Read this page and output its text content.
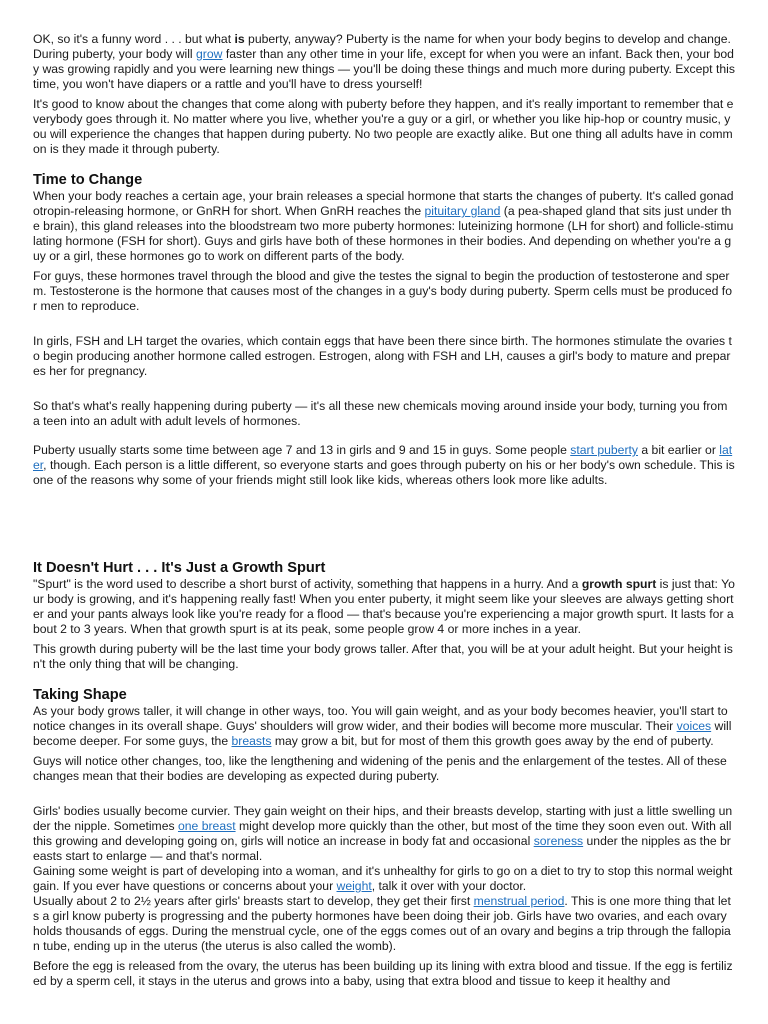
OK, so it's a funny word . . . but what is puberty, anyway? Puberty is the name for when your body begins to develop and change.

During puberty, your body will grow faster than any other time in your life, except for when you were an infant. Back then, your body was growing rapidly and you were learning new things — you'll be doing these things and much more during puberty. Except this time, you won't have diapers or a rattle and you'll have to dress yourself!

It's good to know about the changes that come along with puberty before they happen, and it's really important to remember that everybody goes through it. No matter where you live, whether you're a guy or a girl, or whether you like hip-hop or country music, you will experience the changes that happen during puberty. No two people are exactly alike. But one thing all adults have in common is they made it through puberty.

Time to Change

When your body reaches a certain age, your brain releases a special hormone that starts the changes of puberty. It's called gonadotropin-releasing hormone, or GnRH for short. When GnRH reaches the pituitary gland (a pea-shaped gland that sits just under the brain), this gland releases into the bloodstream two more puberty hormones: luteinizing hormone (LH for short) and follicle-stimulating hormone (FSH for short). Guys and girls have both of these hormones in their bodies. And depending on whether you're a guy or a girl, these hormones go to work on different parts of the body.

For guys, these hormones travel through the blood and give the testes the signal to begin the production of testosterone and sperm. Testosterone is the hormone that causes most of the changes in a guy's body during puberty. Sperm cells must be produced for men to reproduce.

In girls, FSH and LH target the ovaries, which contain eggs that have been there since birth. The hormones stimulate the ovaries to begin producing another hormone called estrogen. Estrogen, along with FSH and LH, causes a girl's body to mature and prepares her for pregnancy.

So that's what's really happening during puberty — it's all these new chemicals moving around inside your body, turning you from a teen into an adult with adult levels of hormones.

Puberty usually starts some time between age 7 and 13 in girls and 9 and 15 in guys. Some people start puberty a bit earlier or later, though. Each person is a little different, so everyone starts and goes through puberty on his or her body's own schedule. This is one of the reasons why some of your friends might still look like kids, whereas others look more like adults.

It Doesn't Hurt . . . It's Just a Growth Spurt

"Spurt" is the word used to describe a short burst of activity, something that happens in a hurry. And a growth spurt is just that: Your body is growing, and it's happening really fast! When you enter puberty, it might seem like your sleeves are always getting shorter and your pants always look like you're ready for a flood — that's because you're experiencing a major growth spurt. It lasts for about 2 to 3 years. When that growth spurt is at its peak, some people grow 4 or more inches in a year.

This growth during puberty will be the last time your body grows taller. After that, you will be at your adult height. But your height isn't the only thing that will be changing.

Taking Shape

As your body grows taller, it will change in other ways, too. You will gain weight, and as your body becomes heavier, you'll start to notice changes in its overall shape. Guys' shoulders will grow wider, and their bodies will become more muscular. Their voices will become deeper. For some guys, the breasts may grow a bit, but for most of them this growth goes away by the end of puberty.

Guys will notice other changes, too, like the lengthening and widening of the penis and the enlargement of the testes. All of these changes mean that their bodies are developing as expected during puberty.

Girls' bodies usually become curvier. They gain weight on their hips, and their breasts develop, starting with just a little swelling under the nipple. Sometimes one breast might develop more quickly than the other, but most of the time they soon even out. With all this growing and developing going on, girls will notice an increase in body fat and occasional soreness under the nipples as the breasts start to enlarge — and that's normal.

Gaining some weight is part of developing into a woman, and it's unhealthy for girls to go on a diet to try to stop this normal weight gain. If you ever have questions or concerns about your weight, talk it over with your doctor.

Usually about 2 to 2½ years after girls' breasts start to develop, they get their first menstrual period. This is one more thing that lets a girl know puberty is progressing and the puberty hormones have been doing their job. Girls have two ovaries, and each ovary holds thousands of eggs. During the menstrual cycle, one of the eggs comes out of an ovary and begins a trip through the fallopian tube, ending up in the uterus (the uterus is also called the womb).

Before the egg is released from the ovary, the uterus has been building up its lining with extra blood and tissue. If the egg is fertilized by a sperm cell, it stays in the uterus and grows into a baby, using that extra blood and tissue to keep it healthy and
